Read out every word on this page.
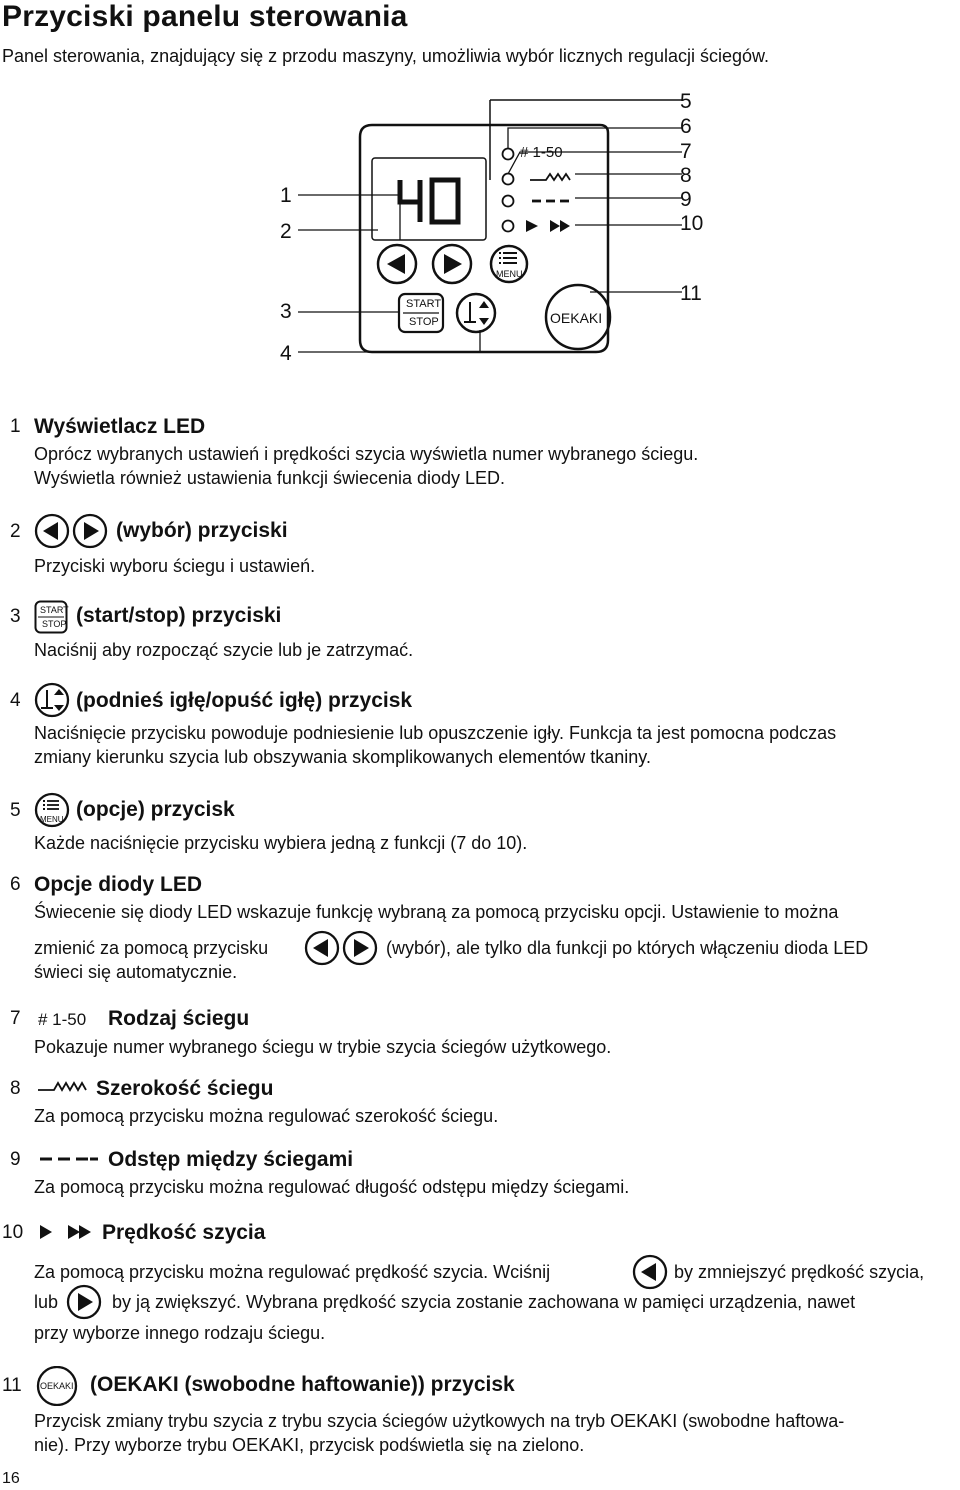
Przyciski panelu sterowania
Panel sterowania, znajdujący się z przodu maszyny, umożliwia wybór licznych regulacji ściegów.
1
2
3
4
5
6
7
8
9
10
11
# 1-50
MENU
START
STOP	OEKAKI
1 Wyświetlacz LED
Oprócz wybranych ustawień i prędkości szycia wyświetla numer wybranego ściegu.
Wyświetla również ustawienia funkcji świecenia diody LED.
2	(wybór) przyciski
Przyciski wyboru ściegu i ustawień.
3 START
STOP (start/stop) przyciski
Naciśnij aby rozpocząć szycie lub je zatrzymać.
4	(podnieś igłę/opuść igłę) przycisk
Naciśnięcie przycisku powoduje podniesienie lub opuszczenie igły. Funkcja ta jest pomocna podczas
zmiany kierunku szycia lub obszywania skomplikowanych elementów tkaniny.
5 MENU (opcje) przycisk
Każde naciśnięcie przycisku wybiera jedną z funkcji (7 do 10).
6 Opcje diody LED
Świecenie się diody LED wskazuje funkcję wybraną za pomocą przycisku opcji. Ustawienie to można
zmienić za pomocą przycisku	(wybór), ale tylko dla funkcji po których włączeniu dioda LED
świeci się automatycznie.
7 # 1-50 Rodzaj ściegu
Pokazuje numer wybranego ściegu w trybie szycia ściegów użytkowego.
8	Szerokość ściegu
Za pomocą przycisku można regulować szerokość ściegu.
9	Odstęp między ściegami
Za pomocą przycisku można regulować długość odstępu między ściegami.
10	Prędkość szycia
Za pomocą przycisku można regulować prędkość szycia. Wciśnij	by zmniejszyć prędkość szycia,
lub	by ją zwiększyć. Wybrana prędkość szycia zostanie zachowana w pamięci urządzenia, nawet
przy wyborze innego rodzaju ściegu.
11 OEKAKI (OEKAKI (swobodne haftowanie)) przycisk
Przycisk zmiany trybu szycia z trybu szycia ściegów użytkowych na tryb OEKAKI (swobodne haftowa-
nie). Przy wyborze trybu OEKAKI, przycisk podświetla się na zielono.
16
